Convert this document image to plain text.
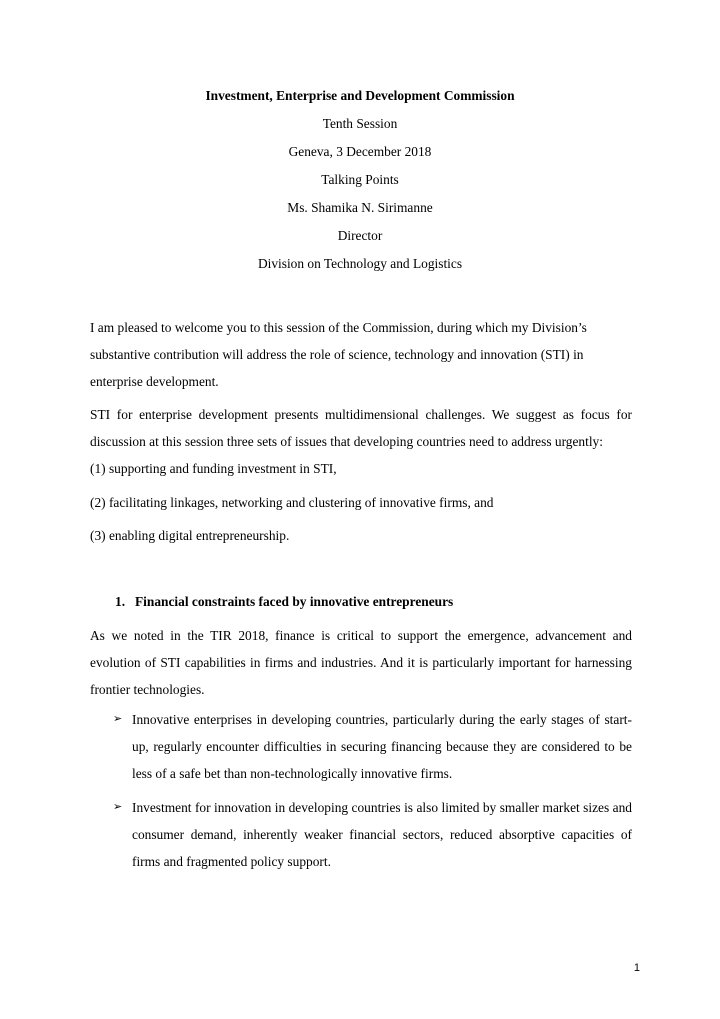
Investment, Enterprise and Development Commission
Tenth Session
Geneva, 3 December 2018
Talking Points
Ms. Shamika N. Sirimanne
Director
Division on Technology and Logistics
I am pleased to welcome you to this session of the Commission, during which my Division’s substantive contribution will address the role of science, technology and innovation (STI) in enterprise development.
STI for enterprise development presents multidimensional challenges. We suggest as focus for discussion at this session three sets of issues that developing countries need to address urgently:
(1) supporting and funding investment in STI,
(2) facilitating linkages, networking and clustering of innovative firms, and
(3) enabling digital entrepreneurship.
1. Financial constraints faced by innovative entrepreneurs
As we noted in the TIR 2018, finance is critical to support the emergence, advancement and evolution of STI capabilities in firms and industries. And it is particularly important for harnessing frontier technologies.
➢ Innovative enterprises in developing countries, particularly during the early stages of start-up, regularly encounter difficulties in securing financing because they are considered to be less of a safe bet than non-technologically innovative firms.
➢ Investment for innovation in developing countries is also limited by smaller market sizes and consumer demand, inherently weaker financial sectors, reduced absorptive capacities of firms and fragmented policy support.
1
